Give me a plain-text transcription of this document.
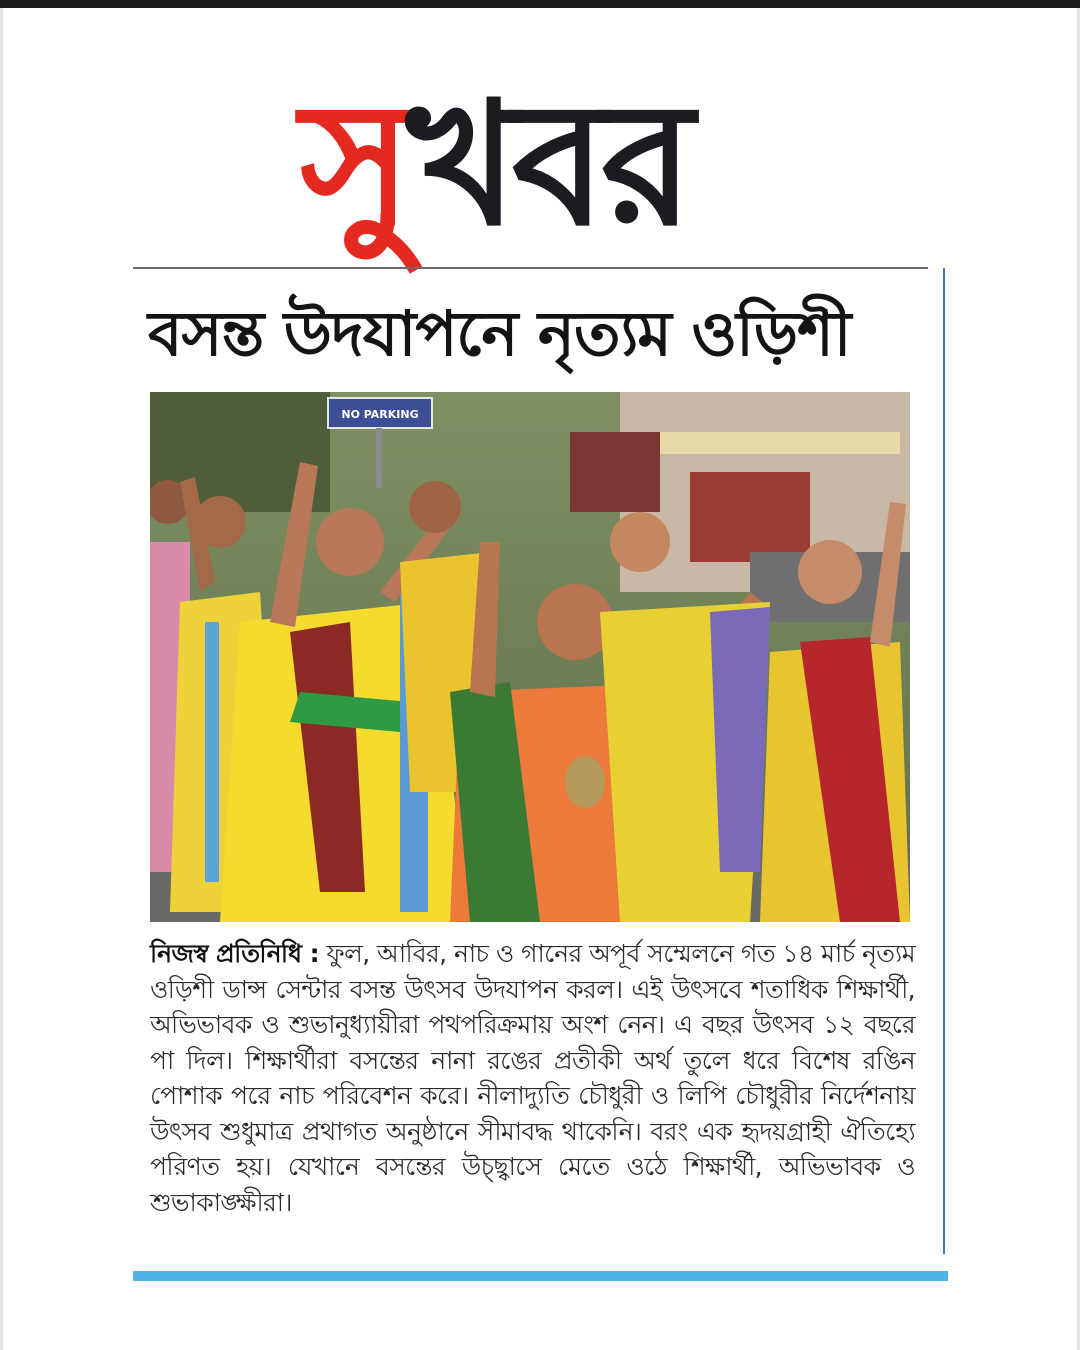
সুখবর
বসন্ত উদযাপনে নৃত্যম ওড়িশী
NO PARKING

নিজস্ব প্রতিনিধি : ফুল, আবির, নাচ ও গানের অপূর্ব সম্মেলনে গত ১৪ মার্চ নৃত্যম ওড়িশী ডান্স সেন্টার বসন্ত উৎসব উদযাপন করল। এই উৎসবে শতাধিক শিক্ষার্থী, অভিভাবক ও শুভানুধ্যায়ীরা পথপরিক্রমায় অংশ নেন। এ বছর উৎসব ১২ বছরে পা দিল। শিক্ষার্থীরা বসন্তের নানা রঙের প্রতীকী অর্থ তুলে ধরে বিশেষ রঙিন পোশাক পরে নাচ পরিবেশন করে। নীলাদ্যুতি চৌধুরী ও লিপি চৌধুরীর নির্দেশনায় উৎসব শুধুমাত্র প্রথাগত অনুষ্ঠানে সীমাবদ্ধ থাকেনি। বরং এক হৃদয়গ্রাহী ঐতিহ্যে পরিণত হয়। যেখানে বসন্তের উচ্ছ্বাসে মেতে ওঠে শিক্ষার্থী, অভিভাবক ও শুভাকাঙ্ক্ষীরা।
